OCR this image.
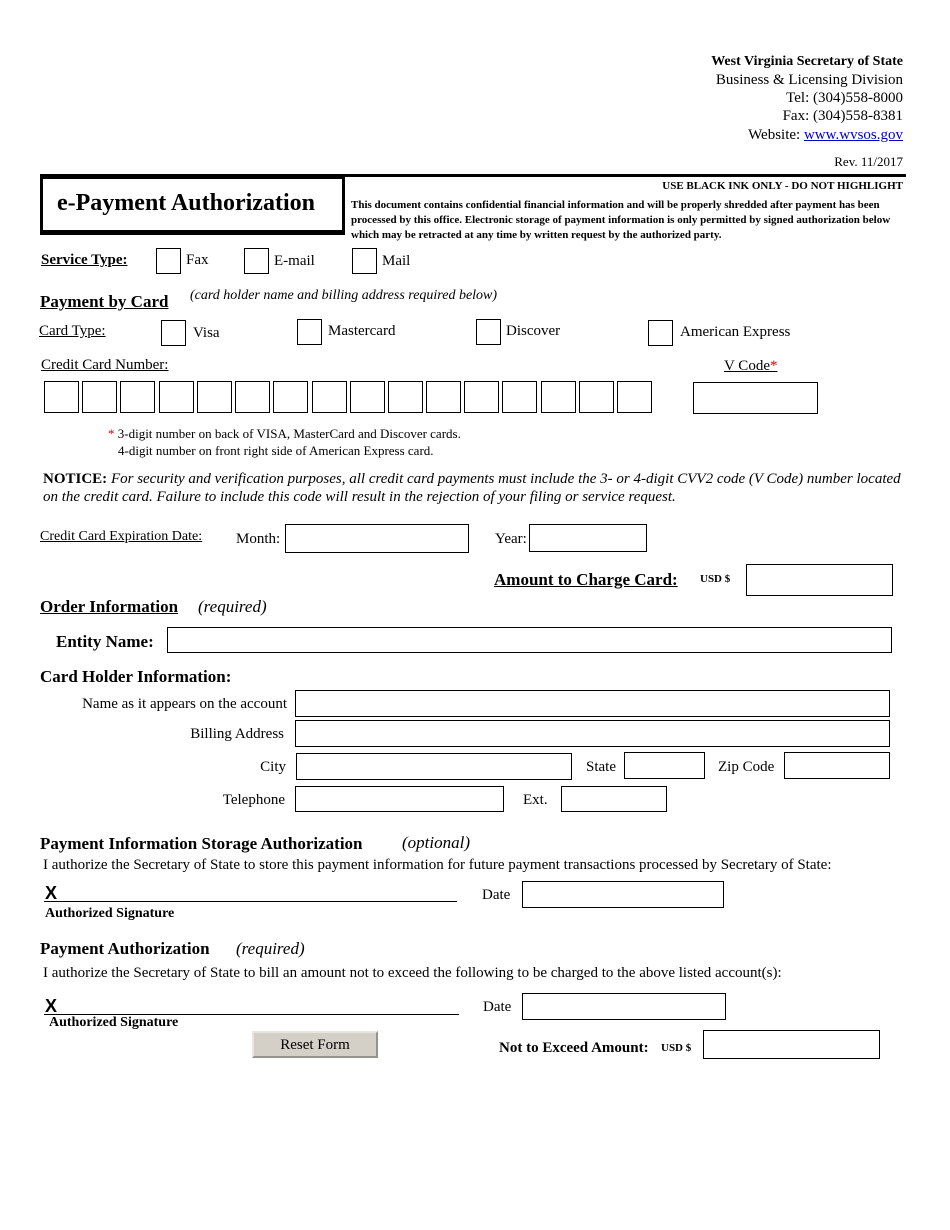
West Virginia Secretary of State
Business & Licensing Division
Tel: (304)558-8000
Fax: (304)558-8381
Website: www.wvsos.gov
Rev. 11/2017
e-Payment Authorization
USE BLACK INK ONLY - DO NOT HIGHLIGHT
This document contains confidential financial information and will be properly shredded after payment has been processed by this office. Electronic storage of payment information is only permitted by signed authorization below which may be retracted at any time by written request by the authorized party.
Service Type:	Fax	E-mail	Mail
Payment by Card (card holder name and billing address required below)
Card Type:	Visa	Mastercard	Discover	American Express
Credit Card Number:	V Code*
* 3-digit number on back of VISA, MasterCard and Discover cards.
4-digit number on front right side of American Express card.
NOTICE: For security and verification purposes, all credit card payments must include the 3- or 4-digit CVV2 code (V Code) number located on the credit card. Failure to include this code will result in the rejection of your filing or service request.
Credit Card Expiration Date: Month:	Year:
Amount to Charge Card: USD $
Order Information (required)
Entity Name:
Card Holder Information:
Name as it appears on the account
Billing Address
City	State	Zip Code
Telephone	Ext.
Payment Information Storage Authorization (optional)
I authorize the Secretary of State to store this payment information for future payment transactions processed by Secretary of State:
X
Authorized Signature
Date
Payment Authorization (required)
I authorize the Secretary of State to bill an amount not to exceed the following to be charged to the above listed account(s):
X
Authorized Signature
Date
Reset Form	Not to Exceed Amount: USD $
